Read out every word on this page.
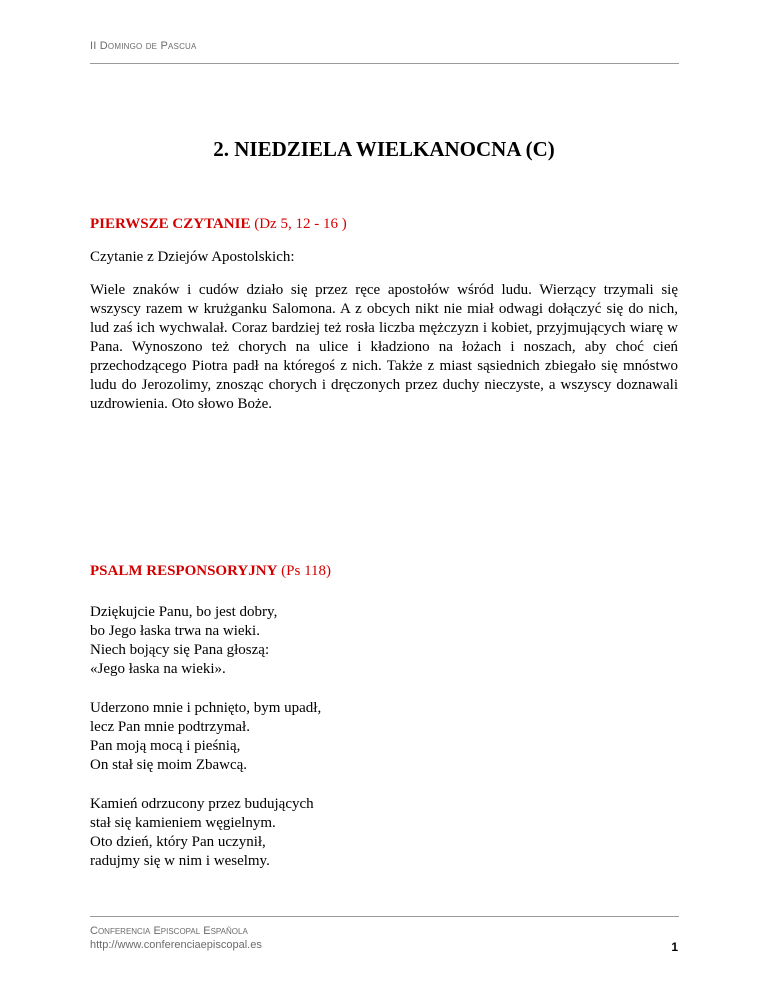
II Domingo de Pascua
2. NIEDZIELA WIELKANOCNA (C)

PIERWSZE CZYTANIE (Dz 5, 12 - 16 )

Czytanie z Dziejów Apostolskich:

Wiele znaków i cudów działo się przez ręce apostołów wśród ludu. Wierzący trzymali się wszyscy razem w krużganku Salomona. A z obcych nikt nie miał odwagi dołączyć się do nich, lud zaś ich wychwalał. Coraz bardziej też rosła liczba mężczyzn i kobiet, przyjmujących wiarę w Pana. Wynoszono też chorych na ulice i kładziono na łożach i noszach, aby choć cień przechodzącego Piotra padł na któregoś z nich. Także z miast sąsiednich zbiegało się mnóstwo ludu do Jerozolimy, znosząc chorych i dręczonych przez duchy nieczyste, a wszyscy doznawali uzdrowienia. Oto słowo Boże.

PSALM RESPONSORYJNY (Ps 118)

Dziękujcie Panu, bo jest dobry,
bo Jego łaska trwa na wieki.
Niech bojący się Pana głoszą:
«Jego łaska na wieki».

Uderzono mnie i pchnięto, bym upadł,
lecz Pan mnie podtrzymał.
Pan moją mocą i pieśnią,
On stał się moim Zbawcą.

Kamień odrzucony przez budujących
stał się kamieniem węgielnym.
Oto dzień, który Pan uczynił,
radujmy się w nim i weselmy.

Conferencia Episcopal Española
http://www.conferenciaepiscopal.es	1
